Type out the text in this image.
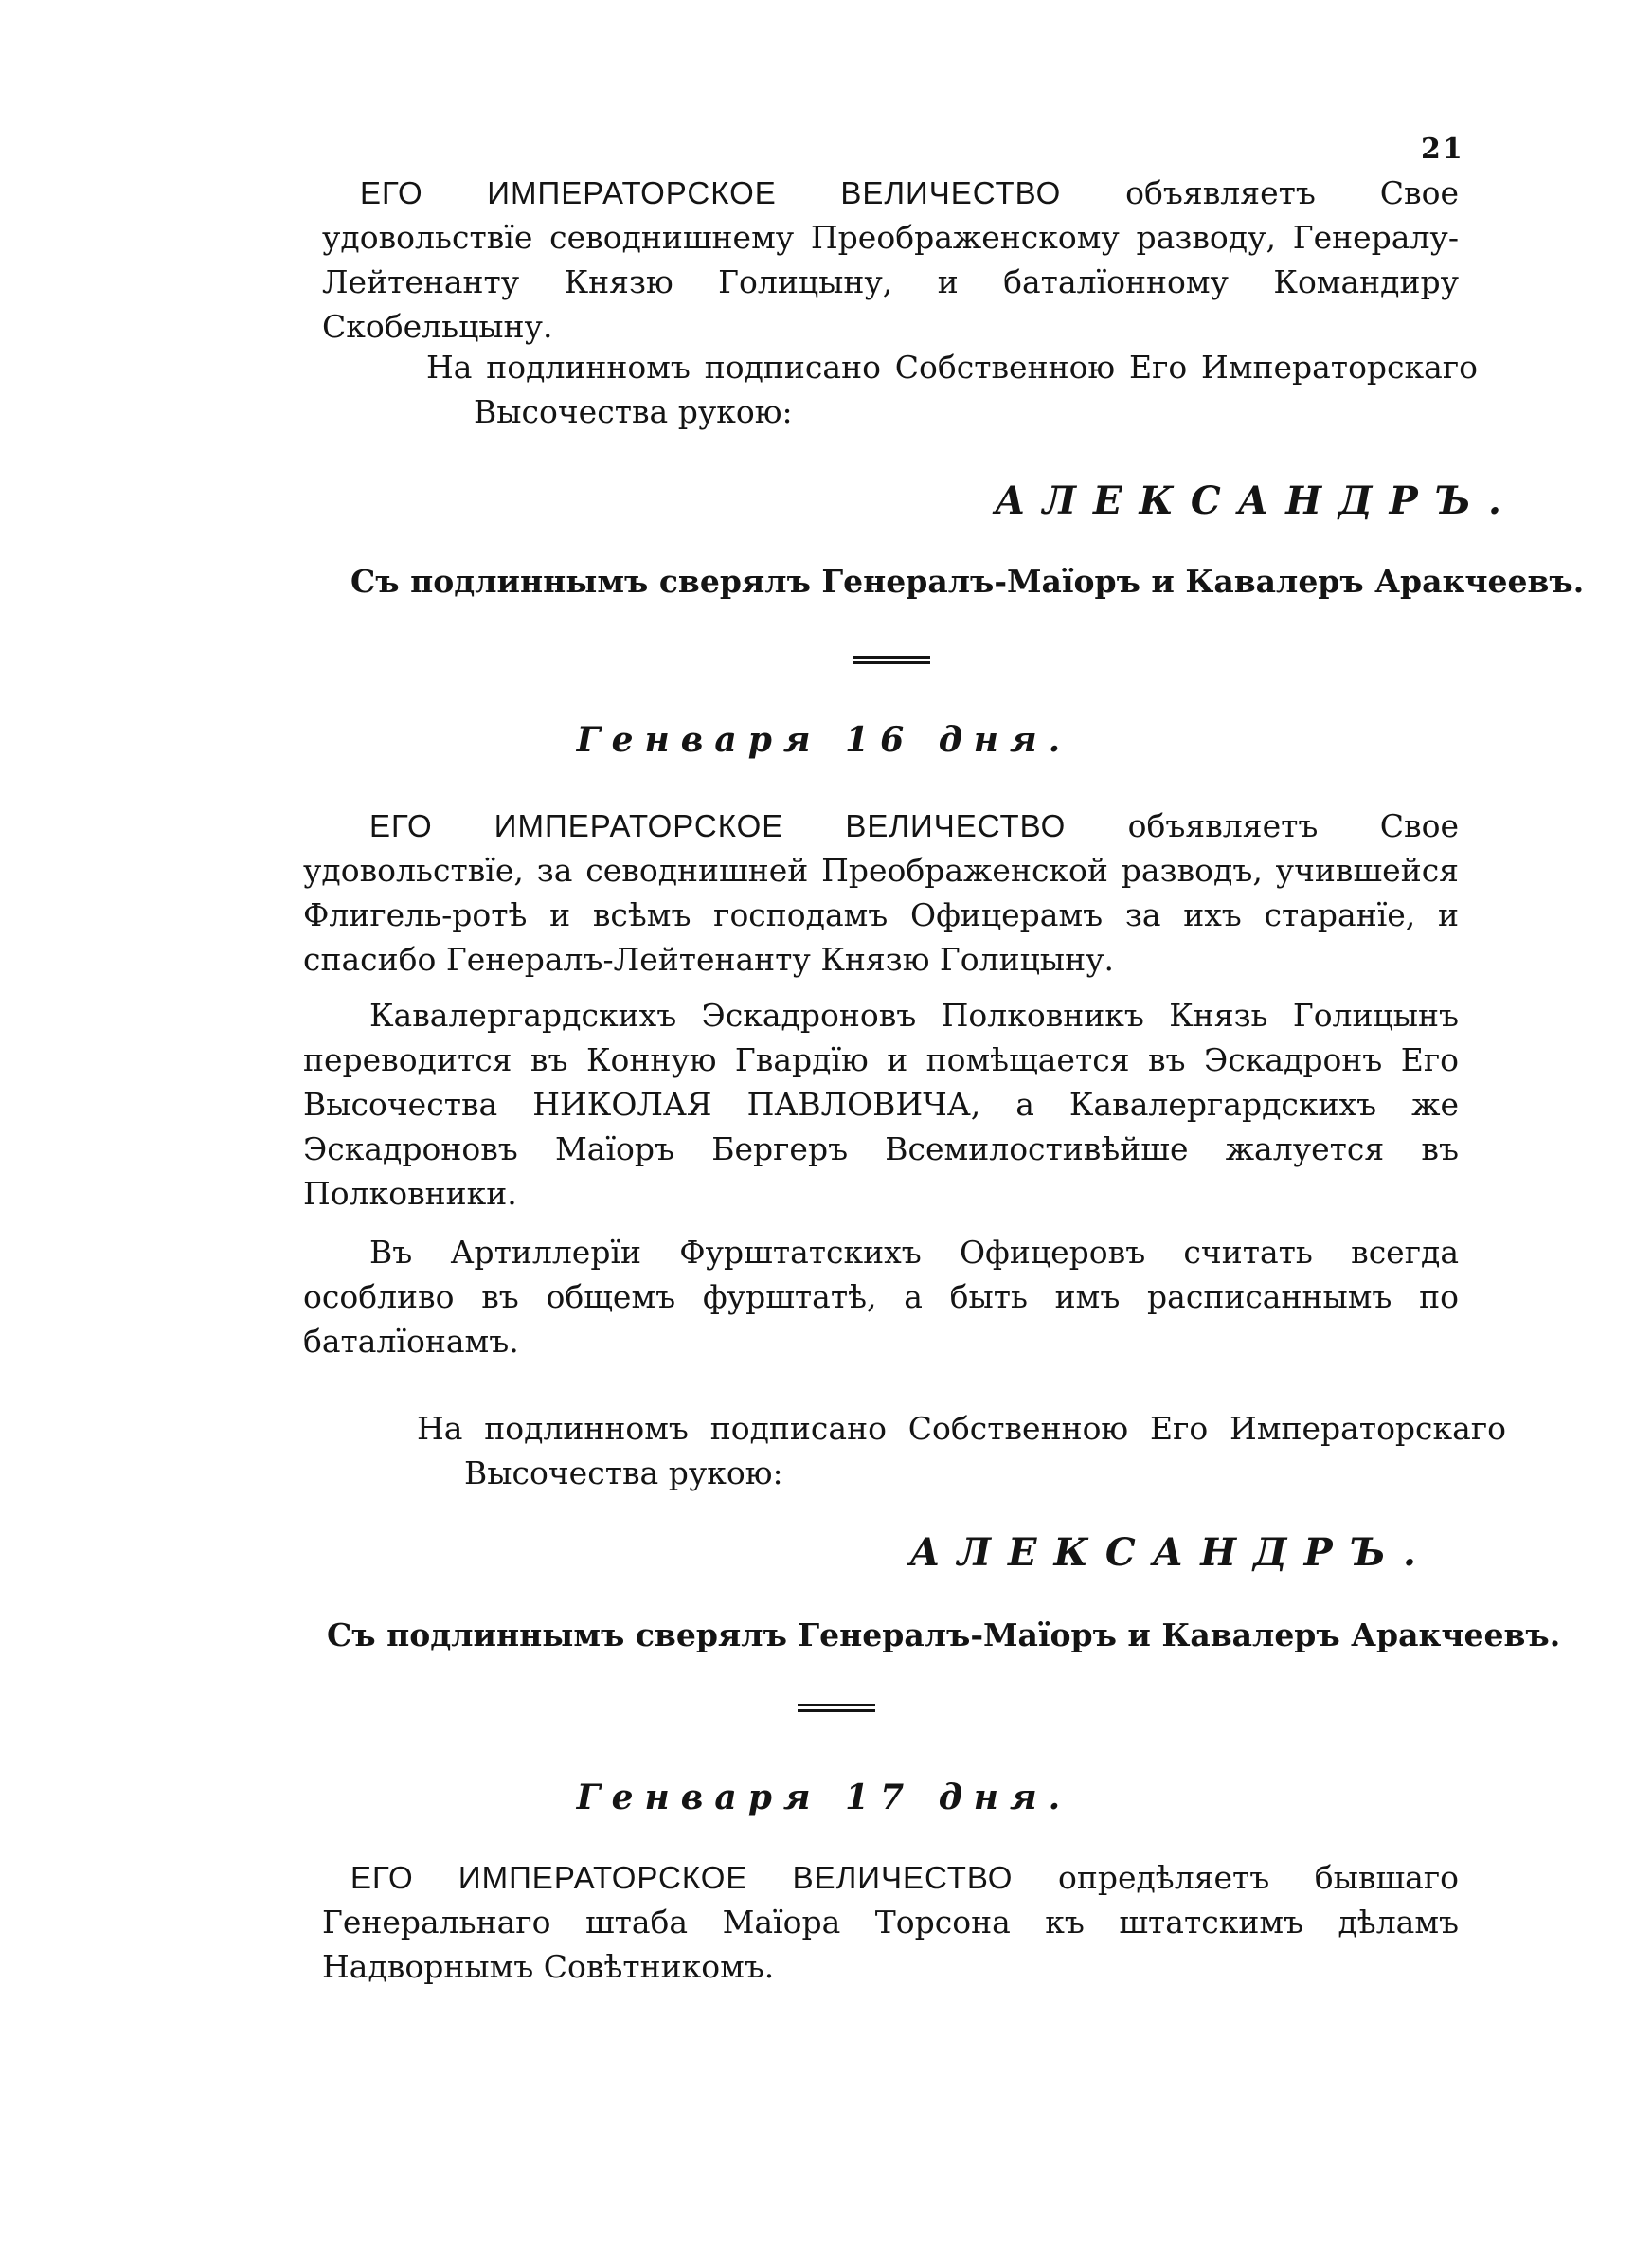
21

ЕГО ИМПЕРАТОРСКОЕ ВЕЛИЧЕСТВО объявляетъ Свое удовольствïе севоднишнему Преображенскому разводу, Генералу-Лейтенанту Князю Голицыну, и баталïонному Командиру Скобельцыну.

На подлинномъ подписано Собственною Его Императорскаго Высочества рукою:

АЛЕКСАНДРЪ.
Съ подлиннымъ сверялъ Генералъ-Маïоръ и Кавалеръ Аракчеевъ.
Генваря 16 дня.

ЕГО ИМПЕРАТОРСКОЕ ВЕЛИЧЕСТВО объявляетъ Свое удовольствïе, за севоднишней Преображенской разводъ, учившейся Флигель-ротѣ и всѣмъ господамъ Офицерамъ за ихъ старанïе, и спасибо Генералъ-Лейтенанту Князю Голицыну.

Кавалергардскихъ Эскадроновъ Полковникъ Князь Голицынъ переводится въ Конную Гвардïю и помѣщается въ Эскадронъ Его Высочества НИКОЛАЯ ПАВЛОВИЧА, а Кавалергардскихъ же Эскадроновъ Маïоръ Бергеръ Всемилостивѣйше жалуется въ Полковники.

Въ Артиллерïи Фурштатскихъ Офицеровъ считать всегда особливо въ общемъ фурштатѣ, а быть имъ расписаннымъ по баталïонамъ.

На подлинномъ подписано Собственною Его Императорскаго Высочества рукою:

АЛЕКСАНДРЪ.
Съ подлиннымъ сверялъ Генералъ-Маïоръ и Кавалеръ Аракчеевъ.
Генваря 17 дня.

ЕГО ИМПЕРАТОРСКОЕ ВЕЛИЧЕСТВО опредѣляетъ бывшаго Генеральнаго штаба Маïора Торсона къ штатскимъ дѣламъ Надворнымъ Совѣтникомъ.
